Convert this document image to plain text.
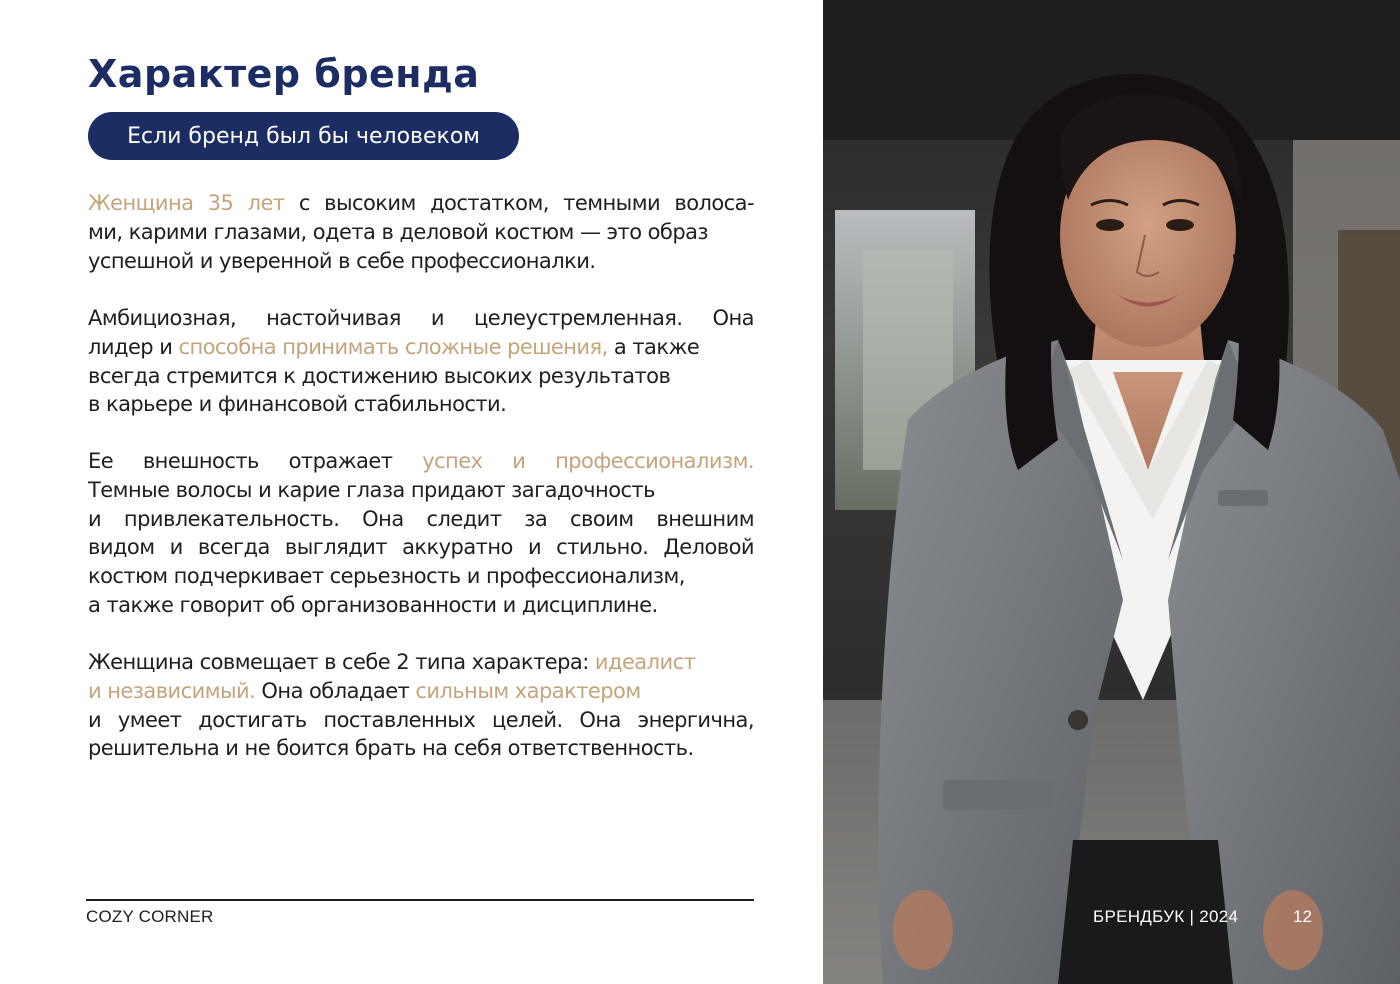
Характер бренда
Если бренд был бы человеком
Женщина 35 лет с высоким достатком, темными волоса-
ми, карими глазами, одета в деловой костюм — это образ
успешной и уверенной в себе профессионалки.
Амбициозная, настойчивая и целеустремленная. Она
лидер и способна принимать сложные решения, а также
всегда стремится к достижению высоких результатов
в карьере и финансовой стабильности.
Ее внешность отражает успех и профессионализм.
Темные волосы и карие глаза придают загадочность
и привлекательность. Она следит за своим внешним
видом и всегда выглядит аккуратно и стильно. Деловой
костюм подчеркивает серьезность и профессионализм,
а также говорит об организованности и дисциплине.
Женщина совмещает в себе 2 типа характера: идеалист
и независимый. Она обладает сильным характером
и умеет достигать поставленных целей. Она энергична,
решительна и не боится брать на себя ответственность.
COZY CORNER	БРЕНДБУК | 2024	12
